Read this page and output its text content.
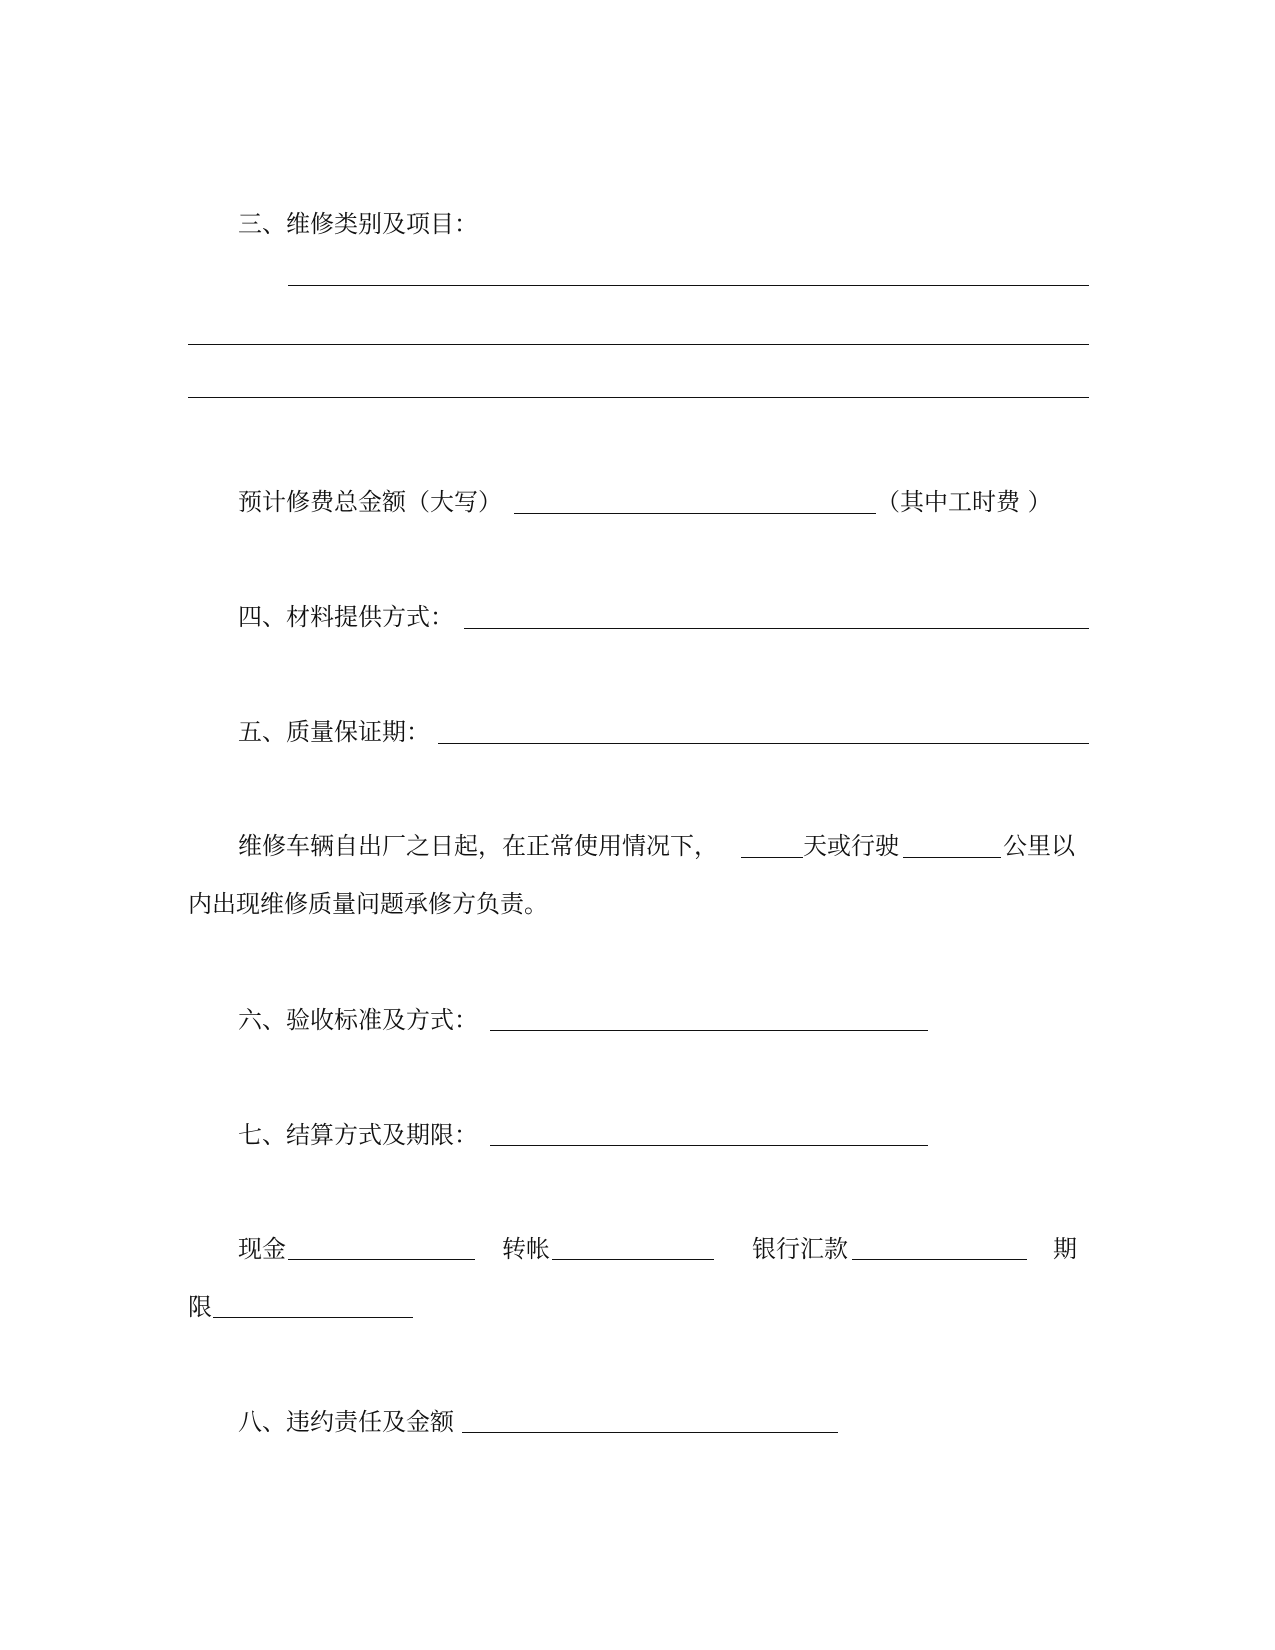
三、维修类别及项目：
预计修费总金额（大写）	（其中工时费 ）
四、材料提供方式：
五、质量保证期：
维修车辆自出厂之日起，在正常使用情况下，	天或行驶	公里以
内出现维修质量问题承修方负责。
六、验收标准及方式：
七、结算方式及期限：
现金	转帐	银行汇款	期
限
八、违约责任及金额
